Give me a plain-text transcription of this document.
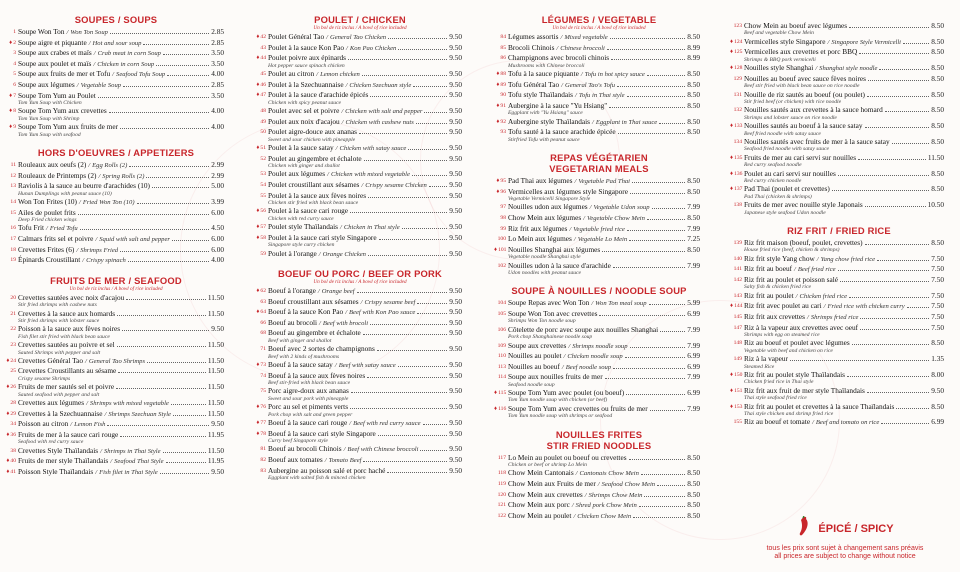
SOUPES / SOUPS
1 Soupe Won Ton / Won Ton Soup	2.85
♦2 Soupe aigre et piquante / Hot and sour soup	2.85
3 Soupe aux crabes et maïs / Crab meat in corn Soup	3.50
4 Soupe aux poulet et maïs / Chicken in corn Soup	3.50
5 Soupe aux fruits de mer et Tofu / Seafood Tofu Soup	4.00
6 Soupe aux légumes / Vegetable Soup	2.85
♦7 Soupe Tom Yum au Poulet	3.50
Tom Yum Soup with Chicken
♦8 Soupe Tom Yum aux crevettes	4.00
Tom Yum Soup with Shrimp
♦9 Soupe Tom Yum aux fruits de mer	4.00
Tom Yum Soup with seafood
HORS D'OEUVRES / APPETIZERS
11 Rouleaux aux oeufs (2) / Egg Rolls (2)	2.99
12 Rouleaux de Printemps (2) / Spring Rolls (2)	2.99
13 Raviolis à la sauce au beurre d'arachides (10)	5.00
Hunan Dumplings with peanut sauce (10)
14 Won Ton Frites (10) / Fried Won Ton (10)	3.99
15 Ailes de poulet frits	6.00
Deep Fried chicken wings
16 Tofu Frit / Fried Tofu	4.50
17 Calmars frits sel et poivre / Squid with salt and pepper	6.00
18 Crevettes Frites (6) / Shrimps Fried	6.00
19 Épinards Croustillant / Crispy spinach	4.00
FRUITS DE MER / SEAFOOD
Un bol de riz inclus / A bowl of rice included
20 Crevettes sautées avec noix d'acajou	11.50
Stir fried shrimps with cashew nuts
21 Crevettes à la sauce aux homards	11.50
Stir fried shrimps with lobster sauce
22 Poisson à la sauce aux fèves noires	9.50
Fish filet stir fried with black bean sauce
23 Crevettes sautées au poivre et sel	11.50
Sauted Shrimps with pepper and salt
♦24 Crevettes Général Tao / General Tao Shrimps	11.50
25 Crevettes Croustillants au sésame	11.50
Crispy sesame Shrimps
♦26 Fruits de mer sautés sel et poivre	11.50
Sauted seafood with pepper and salt
28 Crevettes aux légumes / Shrimps with mixed vegetable	11.50
♦29 Crevettes à la Szechuannaise / Shrimps Szechuan Style	11.50
34 Poisson au citron / Lemon Fish	9.50
♦36 Fruits de mer à la sauce cari rouge	11.95
Seafood with red curry sauce
38 Crevettes Style Thaïlandais / Shrimps in Thai Style	11.50
♦40 Fruits de mer style Thaïlandais / Seafood Thai Style	11.95
♦41 Poisson Style Thaïlandais / Fish filet in Thai Style	9.50
POULET / CHICKEN
Un bol de riz inclus / A bowl of rice included
♦42 Poulet Général Tao / General Tao Chicken	9.50
43 Poulet à la sauce Kon Pao / Kon Pao Chicken	9.50
♦44 Poulet poivre aux épinards	9.50
Hot pepper sauce spinach chicken
45 Poulet au citron / Lemon chicken	9.50
♦46 Poulet à la Szechuannaise / Chicken Szechuan style	9.50
♦47 Poulet à la sauce d'arachide épicés	9.50
Chicken with spicy peanut sauce
48 Poulet avec sel et poivre / Chicken with salt and pepper	9.50
49 Poulet aux noix d'acajou / Chicken with cashew nuts	9.50
50 Poulet aigre-douce aux ananas	9.50
Sweet and sour chicken with pineapple
♦51 Poulet à la sauce satay / Chicken with satay sauce	9.50
52 Poulet au gingembre et échalote	9.50
Chicken with ginger and shallot
53 Poulet aux légumes / Chicken with mixed vegetable	9.50
54 Poulet croustillant aux sésames / Crispy sesame Chicken	9.50
55 Poulet à la sauce aux fèves noires	9.50
Chicken stir fried with black bean sauce
♦56 Poulet à la sauce cari rouge	9.50
Chicken with red curry sauce
♦57 Poulet style Thaïlandais / Chicken in Thai style	9.50
♦58 Poulet à la sauce cari style Singapore	9.50
Singapore style curry chicken
59 Poulet à l'orange / Orange Chicken	9.50
BOEUF OU PORC / BEEF OR PORK
Un bol de riz inclus / A bowl of rice included
♦62 Boeuf à l'orange / Orange beef	9.50
63 Boeuf croustillant aux sésames / Crispy sesame beef	9.50
♦64 Boeuf à la sauce Kon Pao / Beef with Kon Pao sauce	9.50
66 Boeuf au brocoli / Beef with brocoli	9.50
68 Boeuf au gingembre et échalote	9.50
Beef with ginger and shallot
71 Boeuf avec 2 sortes de champignons	9.50
Beef with 2 kinds of mushrooms
♦73 Boeuf à la sauce satay / Beef with satay sauce	9.50
74 Boeuf à la sauce aux fèves noires	9.50
Beef stir-fried with black bean sauce
75 Porc aigre-doux aux ananas	9.50
Sweet and sour pork with pineapple
♦76 Porc au sel et piments verts	9.50
Pork chop with salt and green pepper
♦77 Boeuf à la sauce cari rouge / Beef with red curry sauce	9.50
♦78 Boeuf à la sauce cari style Singapore	9.50
Curry beef Singapore style
81 Boeuf au brocoli Chinois / Beef with Chinese broccoli	9.50
82 Boeuf aux tomates / Tomato Beef	9.50
83 Aubergine au poisson salé et porc haché	9.50
Eggplant with salted fish & minced chicken
LÉGUMES / VEGETABLE
Un bol de riz inclus / A bowl of rice included
84 Légumes assortis / Mixed vegetable	8.50
85 Brocoli Chinois / Chinese broccoli	8.99
86 Champignons avec brocoli chinois	8.99
Mushrooms with Chinese broccoli
♦88 Tofu à la sauce piquante / Tofu in hot spicy sauce	8.50
♦89 Tofu Général Tao / General Tao's Tofu	8.50
90 Tofu style Thaïlandais / Tofu in Thai style	8.50
♦91 Aubergine à la sauce "Yu Hsiang"	8.50
Eggplant with "Yu Hsiang" sauce
♦92 Aubergine style Thaïlandais / Eggplant in Thai sauce	8.50
93 Tofu sauté à la sauce arachide épicée	8.50
Stirfried Tofu with peanut sauce
REPAS VÉGÉTARIEN
VEGETARIAN MEALS
♦95 Pad Thai aux légumes / Vegetable Pad Thai	8.50
♦96 Vermicelles aux légumes style Singapore	8.50
Vegetable Vermicelli Singapore Style
97 Nouilles udon aux légumes / Vegetable Udon soup	7.99
98 Chow Mein aux légumes / Vegetable Chow Mein	8.50
99 Riz frit aux légumes / Vegetable fried rice	7.99
100 Lo Mein aux légumes / Vegetable Lo Mein	7.25
♦101 Nouilles Shanghai aux légumes	8.50
Vegetable noodle Shanghai style
102 Nouilles udon à la sauce d'arachide	7.99
Udon noodles with peanut sauce
SOUPE À NOUILLES / NOODLE SOUP
104 Soupe Repas avec Won Ton / Won Ton meal soup	5.99
105 Soupe Won Ton avec crevettes	6.99
Shrimps Won Ton noodle soup
106 Côtelette de porc avec soupe aux nouilles Shanghai	7.99
Pork chop Shanghainese noodle soup
109 Soupe aux crevettes / Shrimps noodle soup	7.99
110 Nouilles au poulet / Chicken noodle soup	6.99
113 Nouilles au boeuf / Beef noodle soup	6.99
114 Soupe aux nouilles fruits de mer	7.99
Seafood noodle soup
♦115 Soupe Tom Yum avec poulet (ou boeuf)	6.99
Tom Yum noodle soup with chicken (or beef)
♦116 Soupe Tom Yum avec crevettes ou fruits de mer	7.99
Tom Yum noodle soup with shrimps or seafood
NOUILLES FRITES
STIR FRIED NOODLES
117 Lo Mein au poulet ou boeuf ou crevettes	8.50
Chicken or beef or shrimp Lo Mein
118 Chow Mein Cantonais / Cantonais Chow Mein	8.50
119 Chow Mein aux Fruits de mer / Seafood Chow Mein	8.50
120 Chow Mein aux crevettes / Shrimps Chow Mein	8.50
121 Chow Mein aux porc / Shred pork Chow Mein	8.50
122 Chow Mein au poulet / Chicken Chow Mein	8.50
123 Chow Mein au boeuf avec légumes	8.50
Beef and vegetable Chow Mein
♦124 Vermicelles style Singapore / Singapore Style Vermicelli	8.50
♦125 Vermicelles aux crevettes et porc BBQ	8.50
Shrimps & BBQ pork vermicelli
♦128 Nouilles style Shanghai / Shanghai style noodle	8.50
129 Nouilles au boeuf avec sauce fèves noires	8.50
Beef stir fried with black bean sauce on rice noodle
131 Nouille de riz sautés au boeuf (ou poulet)	8.50
Stir fried beef (or chicken) with rice noodle
132 Nouilles sautés aux crevettes à la sauce homard	8.50
Shrimps and lobster sauce on rice noodle
♦133 Nouilles sautés au boeuf à la sauce satay	8.50
Beef fried noodle with satay sauce
134 Nouilles sautés avec fruits de mer à la sauce satay	8.50
Seafood fried noodle with satay sauce
♦135 Fruits de mer au cari servi sur nouilles	11.50
Red curry seafood noodle
♦136 Poulet au cari servi sur nouilles	8.50
Red curry chicken noodle
♦137 Pad Thai (poulet et crevettes)	8.50
Pad Thai (chicken & shrimps)
138 Fruits de mer avec nouille style Japonais	10.50
Japanese style seafood Udon noodle
RIZ FRIT / FRIED RICE
139 Riz frit maison (boeuf, poulet, crevettes)	8.50
House fried rice (beef, chicken & shrimps)
140 Riz frit style Yang chow / Yang chow fried rice	7.50
141 Riz frit au boeuf / Beef fried rice	7.50
142 Riz frit au poulet et poisson salé	7.50
Salty fish & chicken fried rice
143 Riz frit au poulet / Chicken fried rice	7.50
♦144 Riz frit avec poulet au cari / Fried rice with chicken curry	7.50
145 Riz frit aux crevettes / Shrimps fried rice	7.50
147 Riz à la vapeur aux crevettes avec oeuf	7.50
Shrimps with egg on steamed rice
148 Riz au boeuf et poulet avec légumes	8.50
Vegetable with beef and chicken on rice
149 Riz à la vapeur	1.35
Steamed Rice
♦150 Riz frit au poulet style Thaïlandais	8.00
Chicken fried rice in Thai style
♦151 Riz frit aux fruit de mer style Thaïlandais	9.50
Thai style seafood fried rice
♦153 Riz frit au poulet et crevettes à la sauce Thaïlandais	8.50
Thai style chicken and shrimp fried rice
155 Riz au boeuf et tomate / Beef and tomato on rice	6.99
ÉPICÉ / SPICY
tous les prix sont sujet à changement sans préavis
all prices are subject to change without notice
